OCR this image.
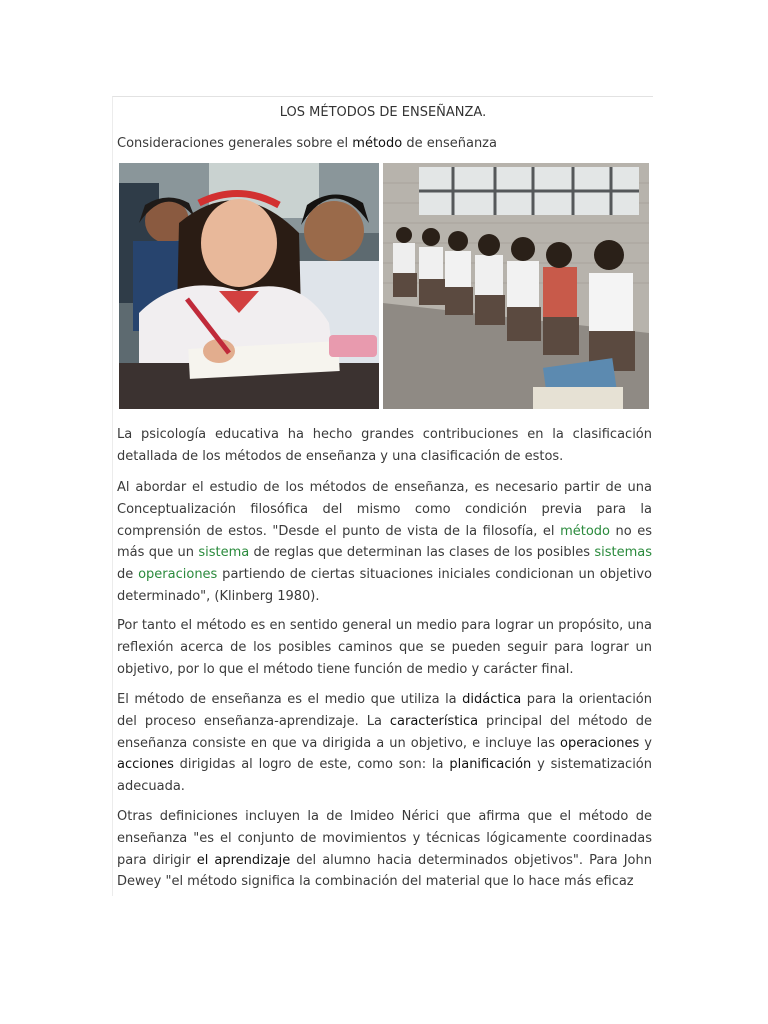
LOS MÉTODOS DE ENSEÑANZA.
Consideraciones generales sobre el método de enseñanza
La psicología educativa ha hecho grandes contribuciones en la clasificación detallada de los métodos de enseñanza y una clasificación de estos.
Al abordar el estudio de los métodos de enseñanza, es necesario partir de una Conceptualización filosófica del mismo como condición previa para la comprensión de estos. "Desde el punto de vista de la filosofía, el método no es más que un sistema de reglas que determinan las clases de los posibles sistemas de operaciones partiendo de ciertas situaciones iniciales condicionan un objetivo determinado", (Klinberg 1980).
Por tanto el método es en sentido general un medio para lograr un propósito, una reflexión acerca de los posibles caminos que se pueden seguir para lograr un objetivo, por lo que el método tiene función de medio y carácter final.
El método de enseñanza es el medio que utiliza la didáctica para la orientación del proceso enseñanza-aprendizaje. La característica principal del método de enseñanza consiste en que va dirigida a un objetivo, e incluye las operaciones y acciones dirigidas al logro de este, como son: la planificación y sistematización adecuada.
Otras definiciones incluyen la de Imideo Nérici que afirma que el método de enseñanza "es el conjunto de movimientos y técnicas lógicamente coordinadas para dirigir el aprendizaje del alumno hacia determinados objetivos". Para John Dewey "el método significa la combinación del material que lo hace más eficaz
